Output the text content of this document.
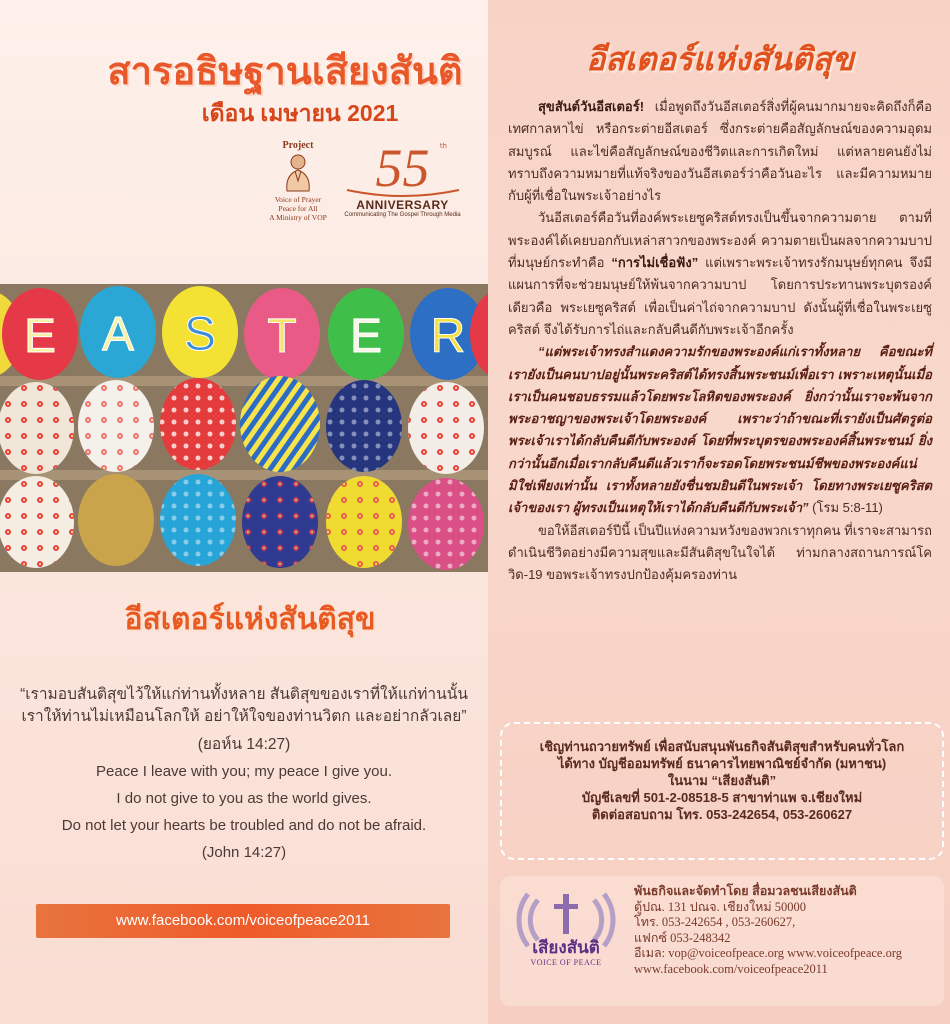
สารอธิษฐานเสียงสันติ
เดือน เมษายน 2021
Project
Voice of Prayer
Peace for All
A Ministry of VOP
55	th
ANNIVERSARY
Communicating The Gospel Through Media
E A S T E R
อีสเตอร์แห่งสันติสุข
“เรามอบสันติสุขไว้ให้แก่ท่านทั้งหลาย สันติสุขของเราที่ให้แก่ท่านนั้น
เราให้ท่านไม่เหมือนโลกให้ อย่าให้ใจของท่านวิตก และอย่ากลัวเลย”
(ยอห์น 14:27)
Peace I leave with you; my peace I give you.
I do not give to you as the world gives.
Do not let your hearts be troubled and do not be afraid.
(John 14:27)
www.facebook.com/voiceofpeace2011
อีสเตอร์แห่งสันติสุข

สุขสันต์วันอีสเตอร์! เมื่อพูดถึงวันอีสเตอร์สิ่งที่ผู้คนมากมายจะคิดถึงก็คือ เทศกาลหาไข่ หรือกระต่ายอีสเตอร์ ซึ่งกระต่ายคือสัญลักษณ์ของความอุดมสมบูรณ์ และไข่คือสัญลักษณ์ของชีวิตและการเกิดใหม่ แต่หลายคนยังไม่ทราบถึงความหมายที่แท้จริงของวันอีสเตอร์ว่าคือวันอะไร และมีความหมายกับผู้ที่เชื่อในพระเจ้าอย่างไร

วันอีสเตอร์คือวันที่องค์พระเยซูคริสต์ทรงเป็นขึ้นจากความตาย ตามที่พระองค์ได้เคยบอกกับเหล่าสาวกของพระองค์ ความตายเป็นผลจากความบาปที่มนุษย์กระทำคือ “การไม่เชื่อฟัง” แต่เพราะพระเจ้าทรงรักมนุษย์ทุกคน จึงมีแผนการที่จะช่วยมนุษย์ให้พ้นจากความบาป โดยการประทานพระบุตรองค์เดียวคือ พระเยซูคริสต์ เพื่อเป็นค่าไถ่จากความบาป ดังนั้นผู้ที่เชื่อในพระเยซูคริสต์ จึงได้รับการไถ่และกลับคืนดีกับพระเจ้าอีกครั้ง

“แต่พระเจ้าทรงสำแดงความรักของพระองค์แก่เราทั้งหลาย คือขณะที่เรายังเป็นคนบาปอยู่นั้นพระคริสต์ได้ทรงสิ้นพระชนม์เพื่อเรา เพราะเหตุนั้นเมื่อเราเป็นคนชอบธรรมแล้วโดยพระโลหิตของพระองค์ ยิ่งกว่านั้นเราจะพ้นจากพระอาชญาของพระเจ้าโดยพระองค์ เพราะว่าถ้าขณะที่เรายังเป็นศัตรูต่อพระเจ้าเราได้กลับคืนดีกับพระองค์ โดยที่พระบุตรของพระองค์สิ้นพระชนม์ ยิ่งกว่านั้นอีกเมื่อเรากลับคืนดีแล้วเราก็จะรอดโดยพระชนม์ชีพของพระองค์แน่ มิใช่เพียงเท่านั้น เราทั้งหลายยังชื่นชมยินดีในพระเจ้า โดยทางพระเยซูคริสตเจ้าของเรา ผู้ทรงเป็นเหตุให้เราได้กลับคืนดีกับพระเจ้า” (โรม 5:8-11)

ขอให้อีสเตอร์ปีนี้ เป็นปีแห่งความหวังของพวกเราทุกคน ที่เราจะสามารถดำเนินชีวิตอย่างมีความสุขและมีสันติสุขในใจได้ ท่ามกลางสถานการณ์โควิด-19 ขอพระเจ้าทรงปกป้องคุ้มครองท่าน

เชิญท่านถวายทรัพย์ เพื่อสนับสนุนพันธกิจสันติสุขสำหรับคนทั่วโลก
ได้ทาง บัญชีออมทรัพย์ ธนาคารไทยพาณิชย์จำกัด (มหาชน)
ในนาม “เสียงสันติ”
บัญชีเลขที่ 501-2-08518-5 สาขาท่าแพ จ.เชียงใหม่
ติดต่อสอบถาม โทร. 053-242654, 053-260627
เสียงสันติ
VOICE OF PEACE
พันธกิจและจัดทำโดย สื่อมวลชนเสียงสันติ
ตู้ปณ. 131 ปณจ. เชียงใหม่ 50000
โทร. 053-242654 , 053-260627,
แฟกซ์ 053-248342
อีเมล: vop@voiceofpeace.org www.voiceofpeace.org
www.facebook.com/voiceofpeace2011
